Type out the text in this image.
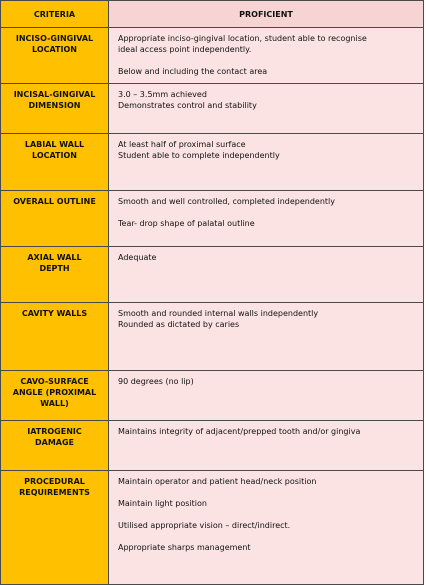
CRITERIA	PROFICIENT

INCISO-GINGIVAL
LOCATION	Appropriate inciso-gingival location, student able to recognise
ideal access point independently.
Below and including the contact area

INCISAL-GINGIVAL
DIMENSION	3.0 – 3.5mm achieved
Demonstrates control and stability

LABIAL WALL
LOCATION	At least half of proximal surface
Student able to complete independently

OVERALL OUTLINE	Smooth and well controlled, completed independently
Tear- drop shape of palatal outline

AXIAL WALL
DEPTH	Adequate

CAVITY WALLS	Smooth and rounded internal walls independently
Rounded as dictated by caries

CAVO-SURFACE
ANGLE (PROXIMAL
WALL)	90 degrees (no lip)

IATROGENIC
DAMAGE	Maintains integrity of adjacent/prepped tooth and/or gingiva

PROCEDURAL
REQUIREMENTS	Maintain operator and patient head/neck position
Maintain light position
Utilised appropriate vision – direct/indirect.
Appropriate sharps management
